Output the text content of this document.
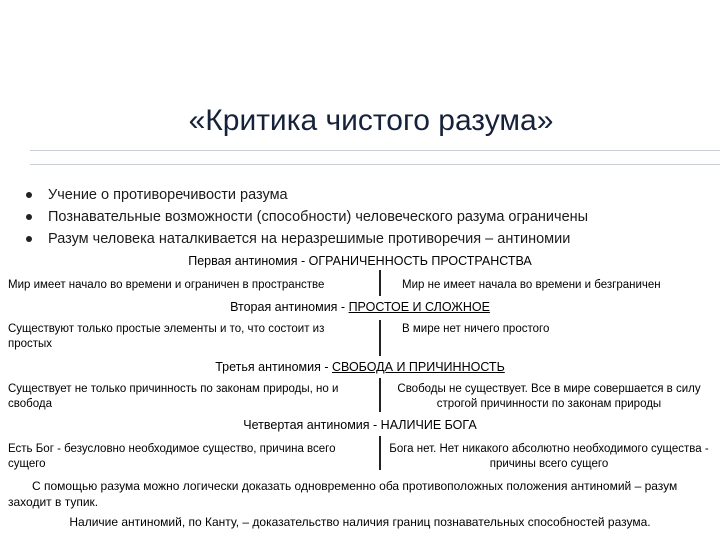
«Критика чистого разума»
Учение о противоречивости разума
Познавательные возможности (способности) человеческого разума ограничены
Разум человека наталкивается на неразрешимые противоречия – антиномии
Первая антиномия - ОГРАНИЧЕННОСТЬ ПРОСТРАНСТВА
Мир имеет начало во времени и ограничен в пространстве	Мир не имеет начала во времени и безграничен
Вторая антиномия - ПРОСТОЕ И СЛОЖНОЕ
Существуют только простые элементы и то, что состоит из простых
В мире нет ничего простого
Третья антиномия - СВОБОДА И ПРИЧИННОСТЬ
Существует не только причинность по законам природы, но и свобода
Свободы не существует. Все в мире совершается в силу строгой причинности по законам природы
Четвертая антиномия - НАЛИЧИЕ БОГА
Есть Бог - безусловно необходимое существо, причина всего сущего
Бога нет. Нет никакого абсолютно необходимого существа - причины всего сущего
С помощью разума можно логически доказать одновременно оба противоположных положения антиномий – разум заходит в тупик.
Наличие антиномий, по Канту, – доказательство наличия границ познавательных способностей разума.
